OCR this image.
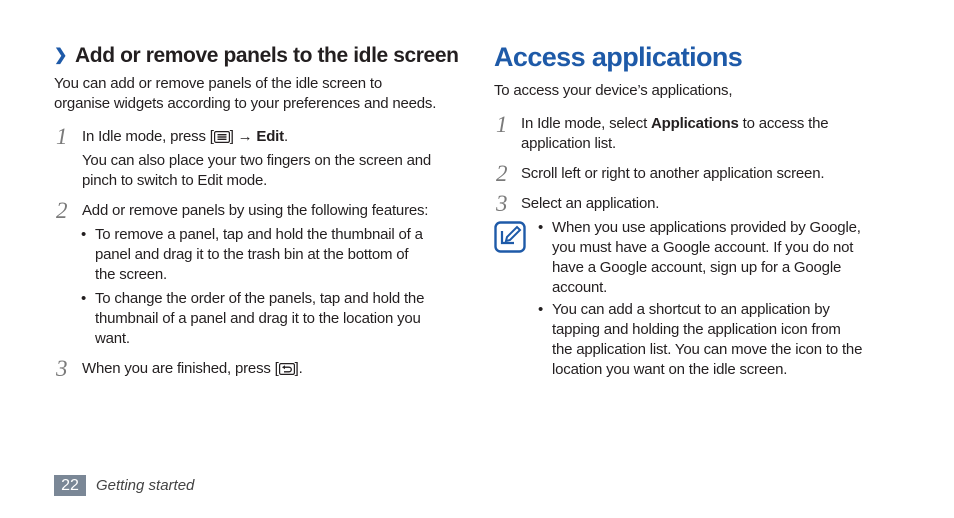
❯ Add or remove panels to the idle screen
You can add or remove panels of the idle screen to
organise widgets according to your preferences and needs.
1 In Idle mode, press [ ] → Edit.
You can also place your two fingers on the screen and
pinch to switch to Edit mode.
2 Add or remove panels by using the following features:
• To remove a panel, tap and hold the thumbnail of a
panel and drag it to the trash bin at the bottom of
the screen.
• To change the order of the panels, tap and hold the
thumbnail of a panel and drag it to the location you
want.
3 When you are finished, press [ ].
Access applications
To access your device’s applications,
1 In Idle mode, select Applications to access the
application list.
2 Scroll left or right to another application screen.
3 Select an application.
• When you use applications provided by Google,
you must have a Google account. If you do not
have a Google account, sign up for a Google
account.
• You can add a shortcut to an application by
tapping and holding the application icon from
the application list. You can move the icon to the
location you want on the idle screen.
22	Getting started
